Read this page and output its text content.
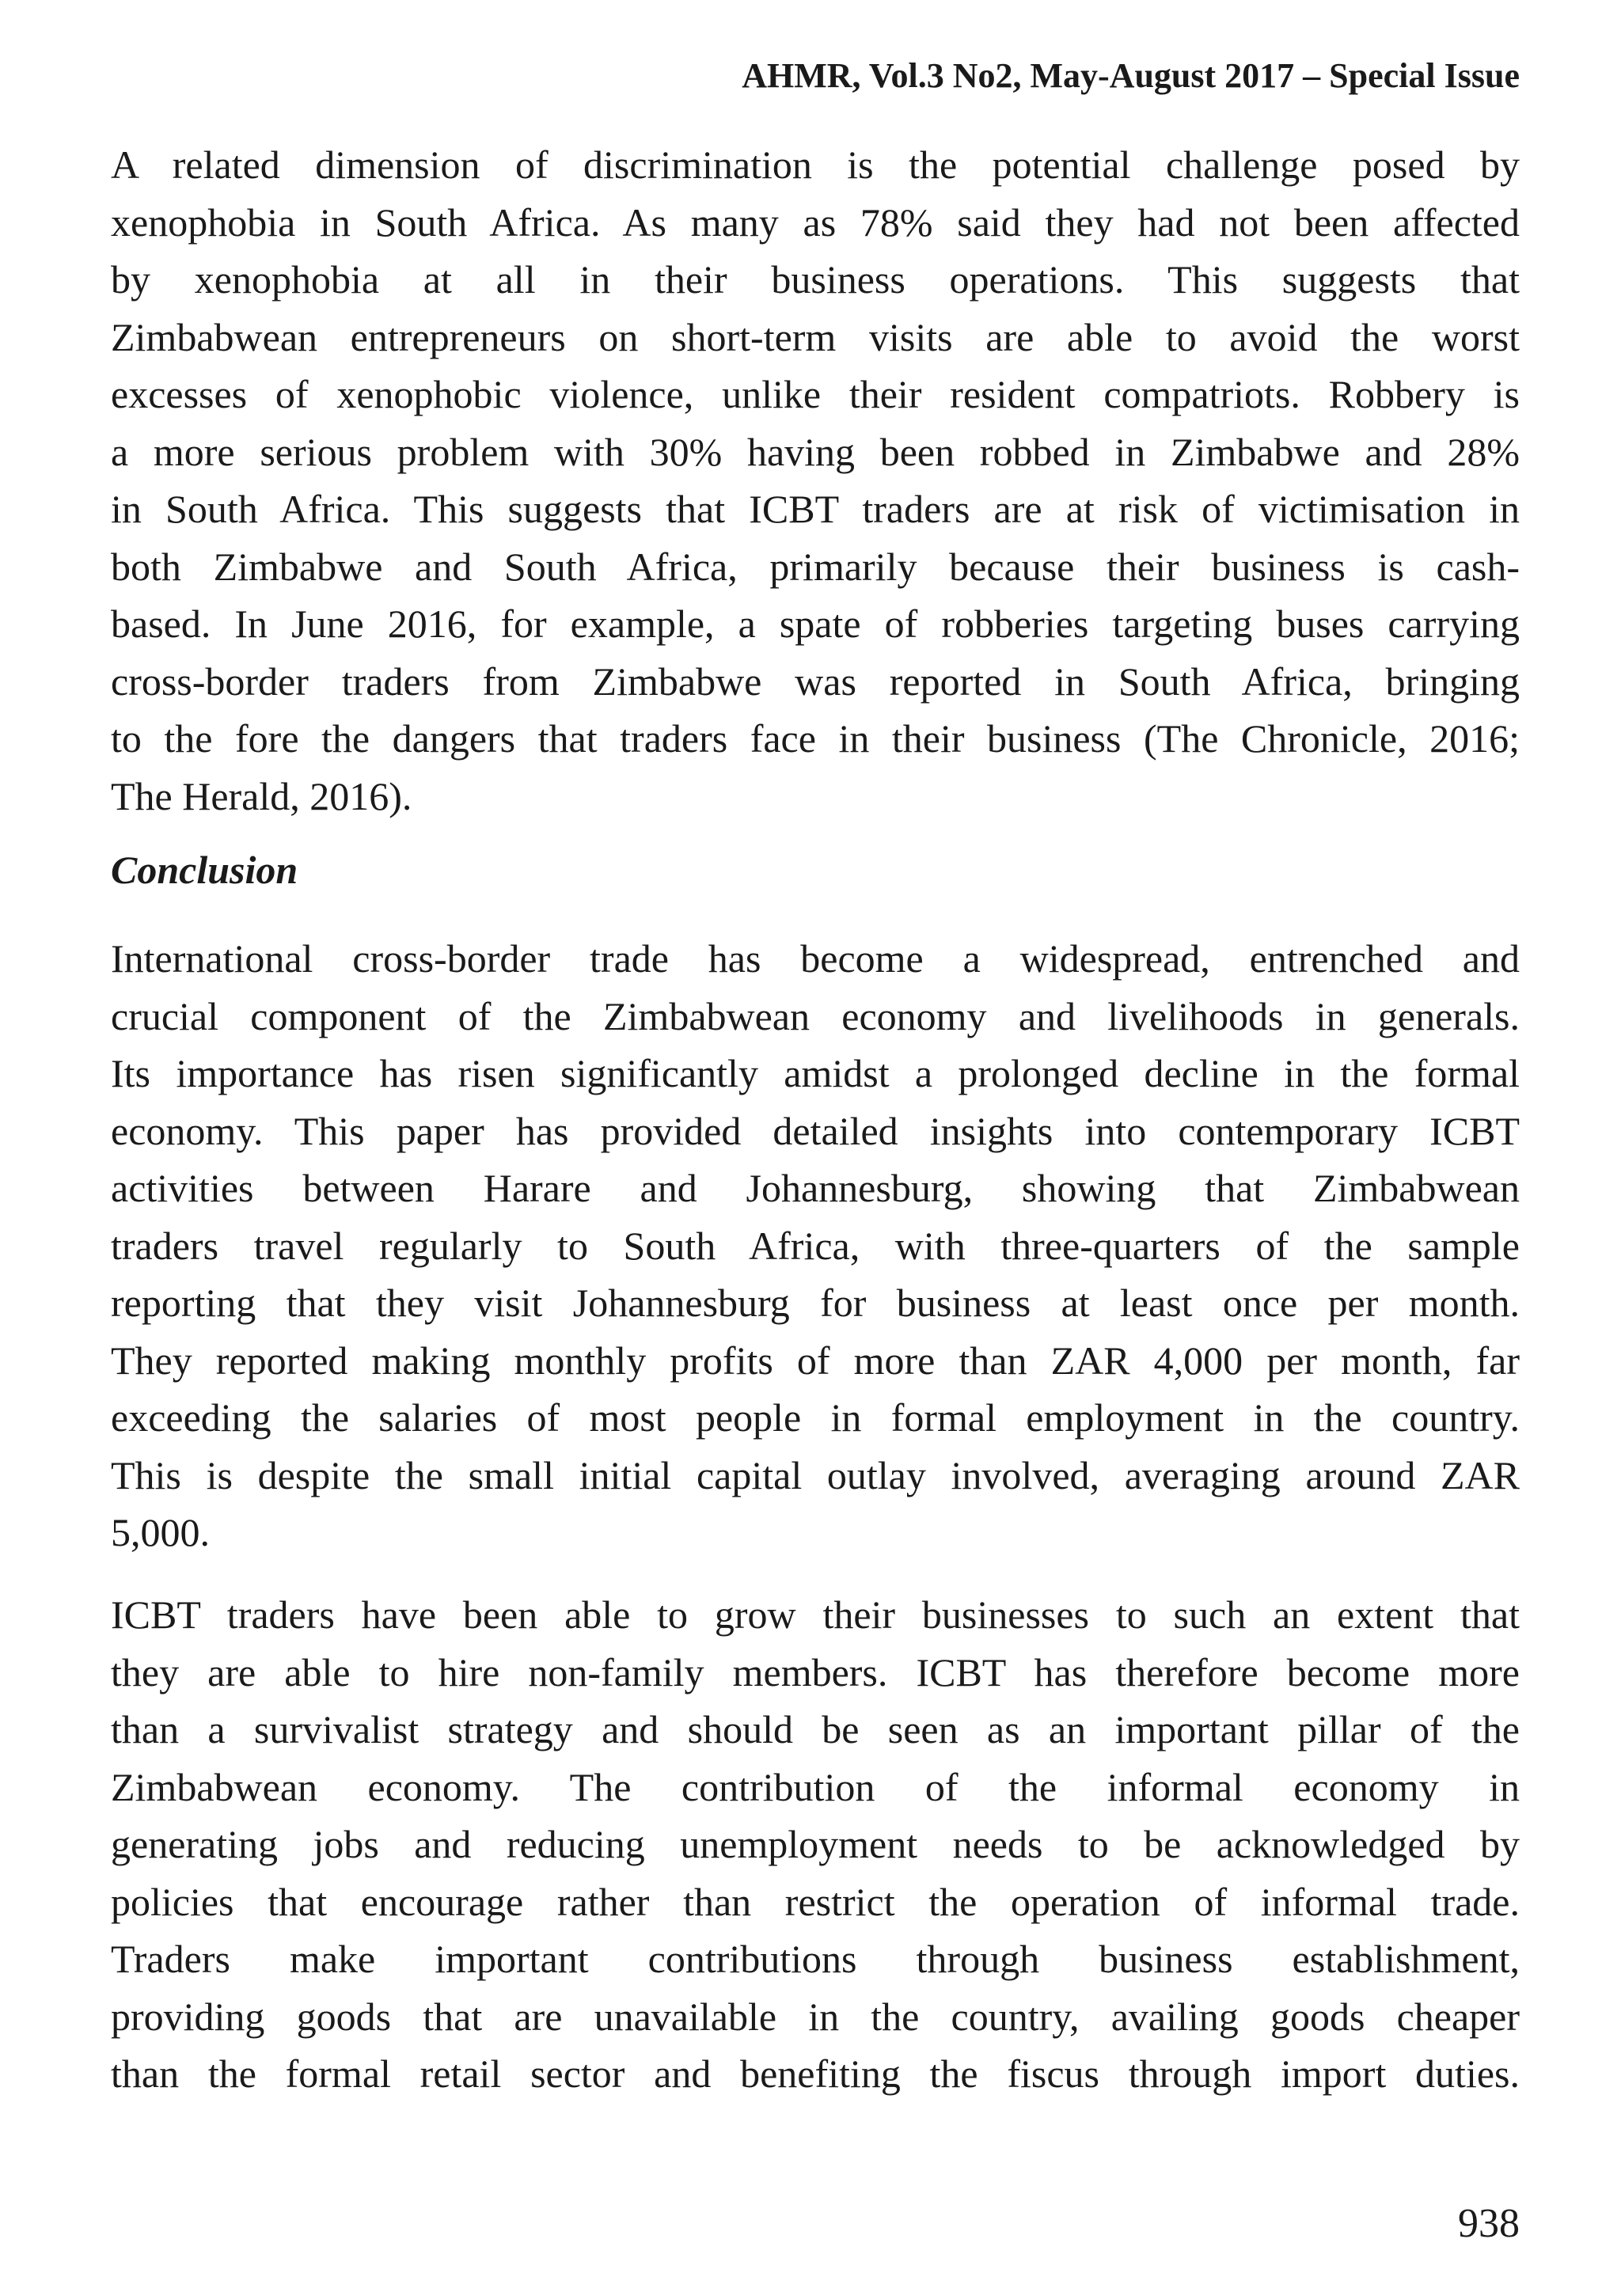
AHMR, Vol.3 No2, May-August 2017 – Special Issue
A related dimension of discrimination is the potential challenge posed by
xenophobia in South Africa. As many as 78% said they had not been affected
by xenophobia at all in their business operations. This suggests that
Zimbabwean entrepreneurs on short-term visits are able to avoid the worst
excesses of xenophobic violence, unlike their resident compatriots. Robbery is
a more serious problem with 30% having been robbed in Zimbabwe and 28%
in South Africa. This suggests that ICBT traders are at risk of victimisation in
both Zimbabwe and South Africa, primarily because their business is cash-
based. In June 2016, for example, a spate of robberies targeting buses carrying
cross-border traders from Zimbabwe was reported in South Africa, bringing
to the fore the dangers that traders face in their business (The Chronicle, 2016;
The Herald, 2016).
Conclusion
International cross-border trade has become a widespread, entrenched and
crucial component of the Zimbabwean economy and livelihoods in generals.
Its importance has risen significantly amidst a prolonged decline in the formal
economy. This paper has provided detailed insights into contemporary ICBT
activities between Harare and Johannesburg, showing that Zimbabwean
traders travel regularly to South Africa, with three-quarters of the sample
reporting that they visit Johannesburg for business at least once per month.
They reported making monthly profits of more than ZAR 4,000 per month, far
exceeding the salaries of most people in formal employment in the country.
This is despite the small initial capital outlay involved, averaging around ZAR
5,000.
ICBT traders have been able to grow their businesses to such an extent that
they are able to hire non-family members. ICBT has therefore become more
than a survivalist strategy and should be seen as an important pillar of the
Zimbabwean economy. The contribution of the informal economy in
generating jobs and reducing unemployment needs to be acknowledged by
policies that encourage rather than restrict the operation of informal trade.
Traders make important contributions through business establishment,
providing goods that are unavailable in the country, availing goods cheaper
than the formal retail sector and benefiting the fiscus through import duties.
938
